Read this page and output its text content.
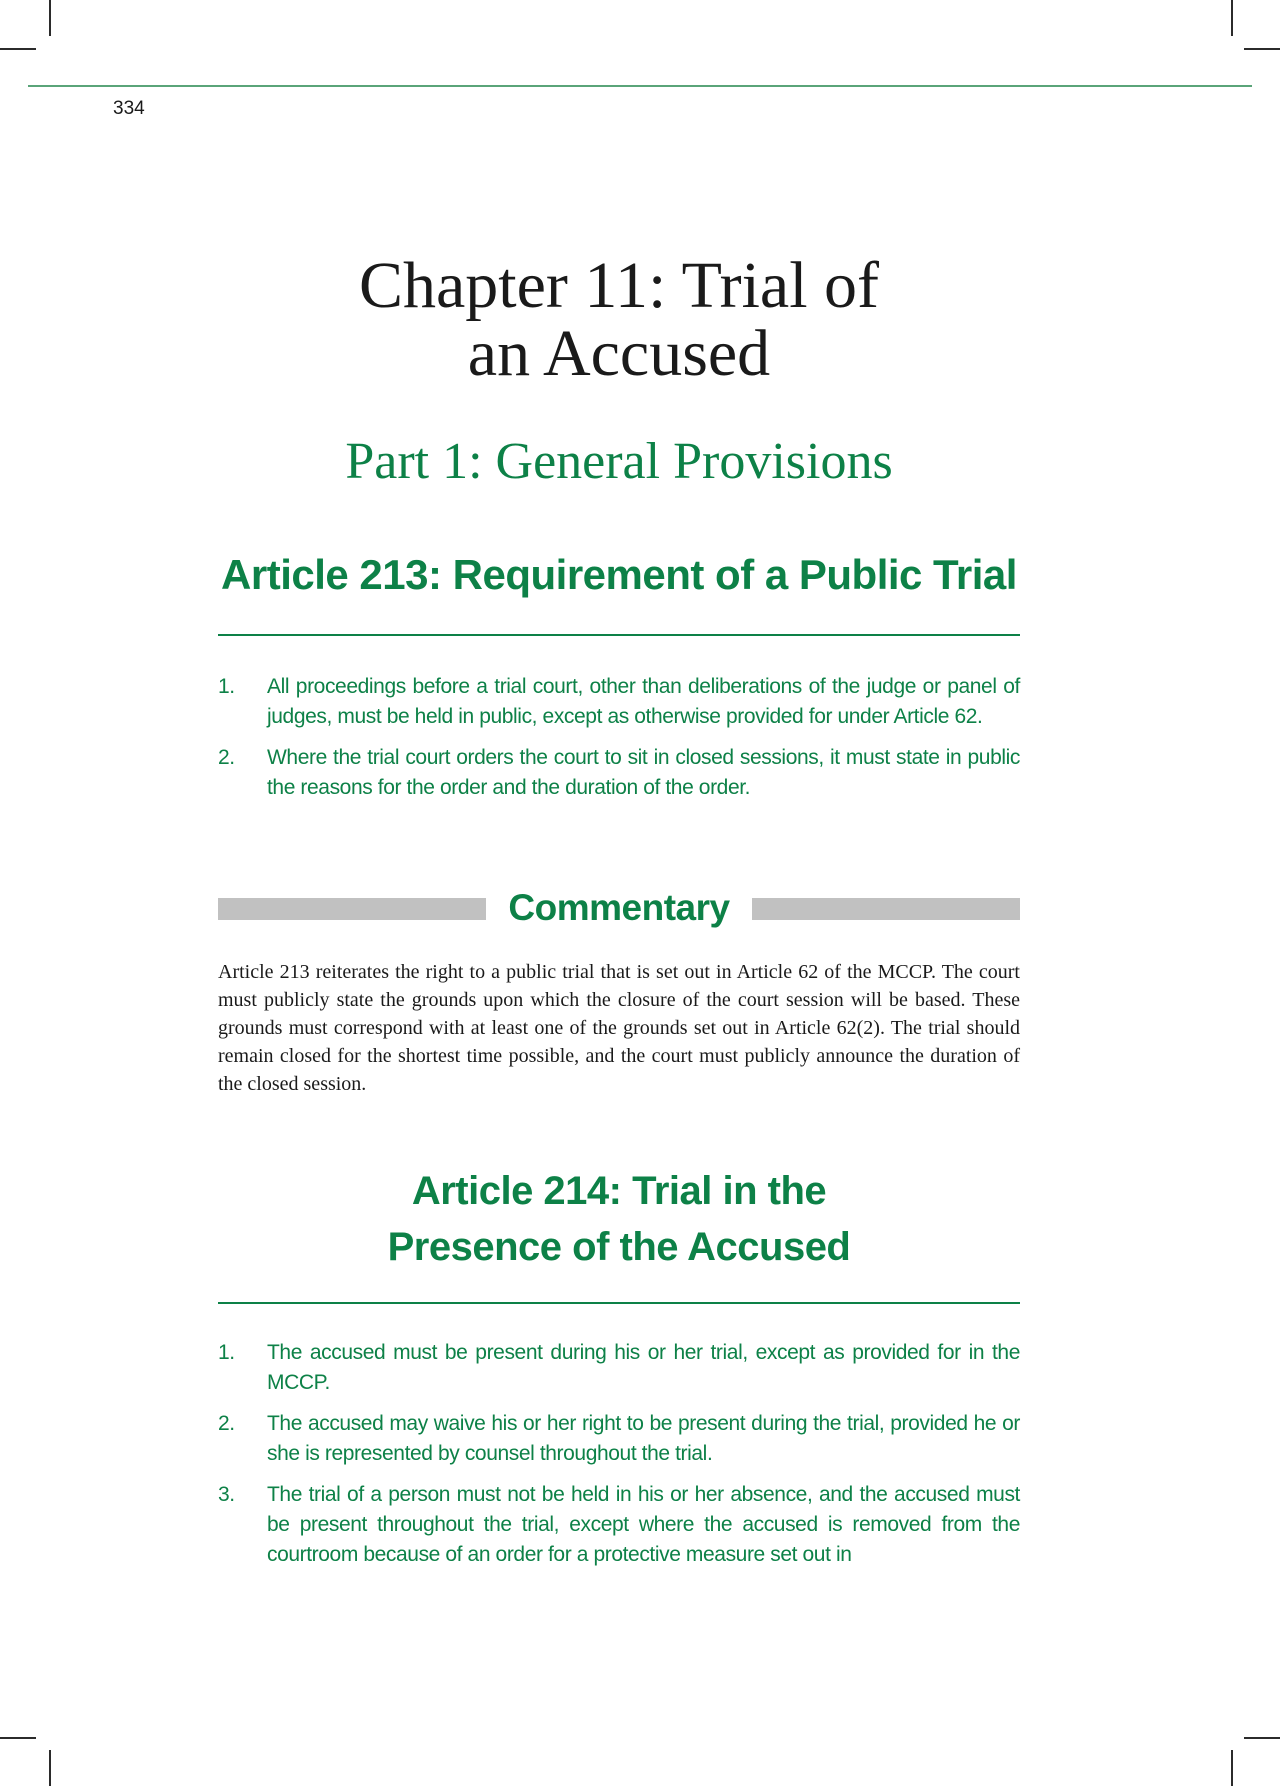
334
Chapter 11: Trial of
an Accused
Part 1: General Provisions
Article 213: Requirement of a Public Trial
1. All proceedings before a trial court, other than deliberations of the judge or panel of judges, must be held in public, except as otherwise provided for under Article 62.
2. Where the trial court orders the court to sit in closed sessions, it must state in public the reasons for the order and the duration of the order.
Commentary

Article 213 reiterates the right to a public trial that is set out in Article 62 of the MCCP. The court must publicly state the grounds upon which the closure of the court session will be based. These grounds must correspond with at least one of the grounds set out in Article 62(2). The trial should remain closed for the shortest time possible, and the court must publicly announce the duration of the closed session.

Article 214: Trial in the
Presence of the Accused
1. The accused must be present during his or her trial, except as provided for in the MCCP.
2. The accused may waive his or her right to be present during the trial, provided he or she is represented by counsel throughout the trial.
3. The trial of a person must not be held in his or her absence, and the accused must be present throughout the trial, except where the accused is removed from the courtroom because of an order for a protective measure set out in
